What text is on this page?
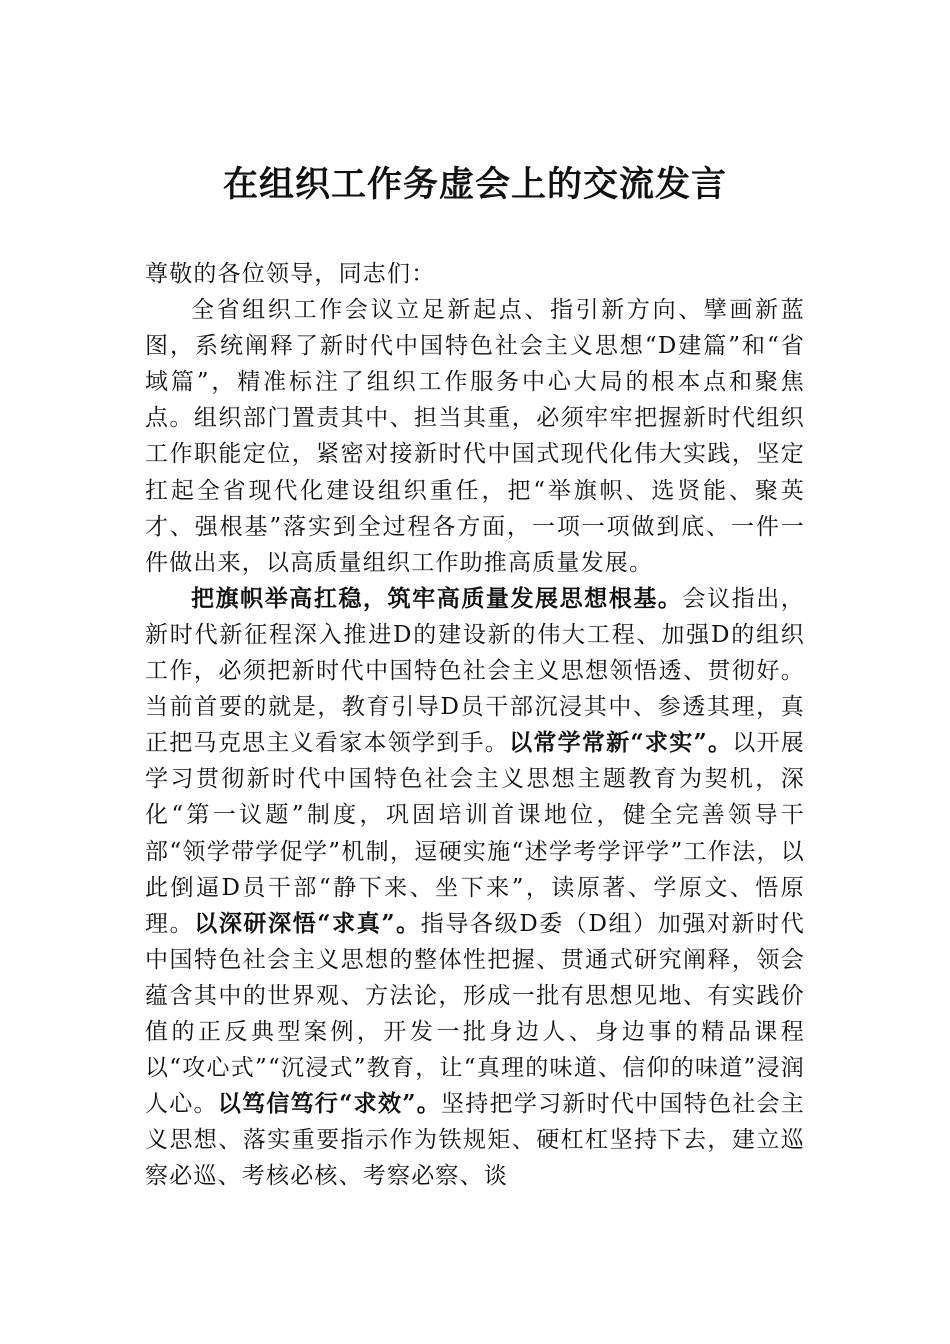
在组织工作务虚会上的交流发言

尊敬的各位领导，同志们：

全省组织工作会议立足新起点、指引新方向、擘画新蓝图，系统阐释了新时代中国特色社会主义思想“D建篇”和“省域篇”，精准标注了组织工作服务中心大局的根本点和聚焦点。组织部门置责其中、担当其重，必须牢牢把握新时代组织工作职能定位，紧密对接新时代中国式现代化伟大实践，坚定扛起全省现代化建设组织重任，把“举旗帜、选贤能、聚英才、强根基”落实到全过程各方面，一项一项做到底、一件一件做出来，以高质量组织工作助推高质量发展。

把旗帜举高扛稳，筑牢高质量发展思想根基。会议指出，新时代新征程深入推进D的建设新的伟大工程、加强D的组织工作，必须把新时代中国特色社会主义思想领悟透、贯彻好。当前首要的就是，教育引导D员干部沉浸其中、参透其理，真正把马克思主义看家本领学到手。以常学常新“求实”。以开展学习贯彻新时代中国特色社会主义思想主题教育为契机，深化“第一议题”制度，巩固培训首课地位，健全完善领导干部“领学带学促学”机制，逗硬实施“述学考学评学”工作法，以此倒逼D员干部“静下来、坐下来”，读原著、学原文、悟原理。以深研深悟“求真”。指导各级D委（D组）加强对新时代中国特色社会主义思想的整体性把握、贯通式研究阐释，领会蕴含其中的世界观、方法论，形成一批有思想见地、有实践价值的正反典型案例，开发一批身边人、身边事的精品课程以“攻心式”“沉浸式”教育，让“真理的味道、信仰的味道”浸润人心。以笃信笃行“求效”。坚持把学习新时代中国特色社会主义思想、落实重要指示作为铁规矩、硬杠杠坚持下去，建立巡察必巡、考核必核、考察必察、谈
